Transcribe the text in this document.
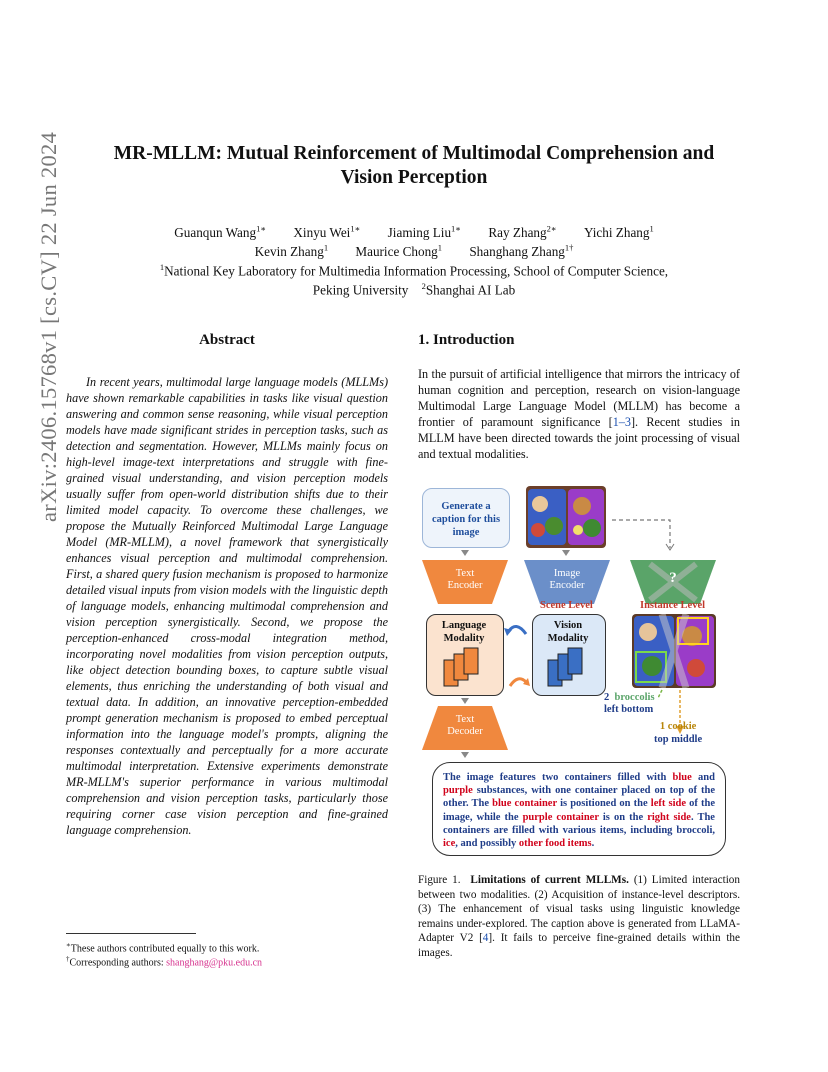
arXiv:2406.15768v1 [cs.CV] 22 Jun 2024	MR-MLLM: Mutual Reinforcement of Multimodal Comprehension and
Vision Perception
Guanqun Wang$^{1∗}$ Xinyu Wei$^{1∗}$ Jiaming Liu$^{1∗}$ Ray Zhang$^{2∗}$ Yichi Zhang$^1$
Kevin Zhang$^1$ Maurice Chong$^1$ Shanghang Zhang$^{1\dagger}$
$^1$National Key Laboratory for Multimedia Information Processing, School of Computer Science,
Peking University $^2$Shanghai AI Lab
Abstract
In recent years, multimodal large language models (MLLMs) have shown remarkable capabilities in tasks like visual question answering and common sense reasoning, while visual perception models have made significant strides in perception tasks, such as detection and segmentation. However, MLLMs mainly focus on high-level image-text interpretations and struggle with fine-grained visual understanding, and vision perception models usually suffer from open-world distribution shifts due to their limited model capacity. To overcome these challenges, we propose the Mutually Reinforced Multimodal Large Language Model (MR-MLLM), a novel framework that synergistically enhances visual perception and multimodal comprehension. First, a shared query fusion mechanism is proposed to harmonize detailed visual inputs from vision models with the linguistic depth of language models, enhancing multimodal comprehension and vision perception synergistically. Second, we propose the perception-enhanced cross-modal integration method, incorporating novel modalities from vision perception outputs, like object detection bounding boxes, to capture subtle visual elements, thus enriching the understanding of both visual and textual data. In addition, an innovative perception-embedded prompt generation mechanism is proposed to embed perceptual information into the language model's prompts, aligning the responses contextually and perceptually for a more accurate multimodal interpretation. Extensive experiments demonstrate MR-MLLM's superior performance in various multimodal comprehension and vision perception tasks, particularly those requiring corner case vision perception and fine-grained language comprehension.
1. Introduction
In the pursuit of artificial intelligence that mirrors the intricacy of human cognition and perception, research on vision-language Multimodal Large Language Model (MLLM) has become a frontier of paramount significance [1–3]. Recent studies in MLLM have been directed towards the joint processing of visual and textual modalities.
Generate a caption for this image
Text Encoder
Image Encoder	?
Scene Level	Instance Level
Language Modality
Vision Modality
2 broccolis
left bottom
1 cookie
top middle
Text Decoder
The image features two containers filled with blue and purple substances, with one container placed on top of the other. The blue container is positioned on the left side of the image, while the purple container is on the right side. The containers are filled with various items, including broccoli, ice, and possibly other food items.
Figure 1. Limitations of current MLLMs. (1) Limited interaction between two modalities. (2) Acquisition of instance-level descriptors. (3) The enhancement of visual tasks using linguistic knowledge remains under-explored. The caption above is generated from LLaMA-Adapter V2 [4]. It fails to perceive fine-grained details within the images.
∗These authors contributed equally to this work.
†Corresponding authors: shanghang@pku.edu.cn
